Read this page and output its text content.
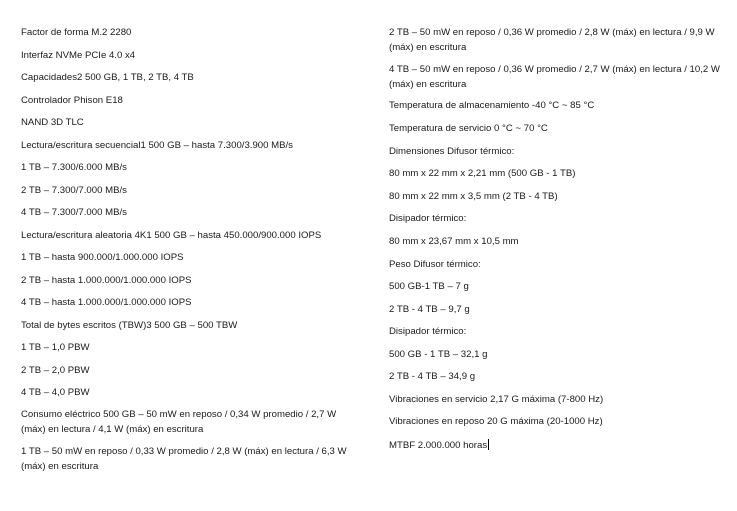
Factor de forma M.2 2280
Interfaz NVMe PCIe 4.0 x4
Capacidades2 500 GB, 1 TB, 2 TB, 4 TB
Controlador Phison E18
NAND 3D TLC
Lectura/escritura secuencial1 500 GB – hasta 7.300/3.900 MB/s
1 TB – 7.300/6.000 MB/s
2 TB – 7.300/7.000 MB/s
4 TB – 7.300/7.000 MB/s
Lectura/escritura aleatoria 4K1 500 GB – hasta 450.000/900.000 IOPS
1 TB – hasta 900.000/1.000.000 IOPS
2 TB – hasta 1.000.000/1.000.000 IOPS
4 TB – hasta 1.000.000/1.000.000 IOPS
Total de bytes escritos (TBW)3 500 GB – 500 TBW
1 TB – 1,0 PBW
2 TB – 2,0 PBW
4 TB – 4,0 PBW
Consumo eléctrico 500 GB – 50 mW en reposo / 0,34 W promedio / 2,7 W (máx) en lectura / 4,1 W (máx) en escritura
1 TB – 50 mW en reposo / 0,33 W promedio / 2,8 W (máx) en lectura / 6,3 W (máx) en escritura
2 TB – 50 mW en reposo / 0,36 W promedio / 2,8 W (máx) en lectura / 9,9 W (máx) en escritura
4 TB – 50 mW en reposo / 0,36 W promedio / 2,7 W (máx) en lectura / 10,2 W (máx) en escritura
Temperatura de almacenamiento -40 °C ~ 85 °C
Temperatura de servicio 0 °C ~ 70 °C
Dimensiones Difusor térmico:
80 mm x 22 mm x 2,21 mm (500 GB - 1 TB)
80 mm x 22 mm x 3,5 mm (2 TB - 4 TB)
Disipador térmico:
80 mm x 23,67 mm x 10,5 mm
Peso Difusor térmico:
500 GB-1 TB – 7 g
2 TB - 4 TB – 9,7 g
Disipador térmico:
500 GB - 1 TB – 32,1 g
2 TB - 4 TB – 34,9 g
Vibraciones en servicio 2,17 G máxima (7-800 Hz)
Vibraciones en reposo 20 G máxima (20-1000 Hz)
MTBF 2.000.000 horas
